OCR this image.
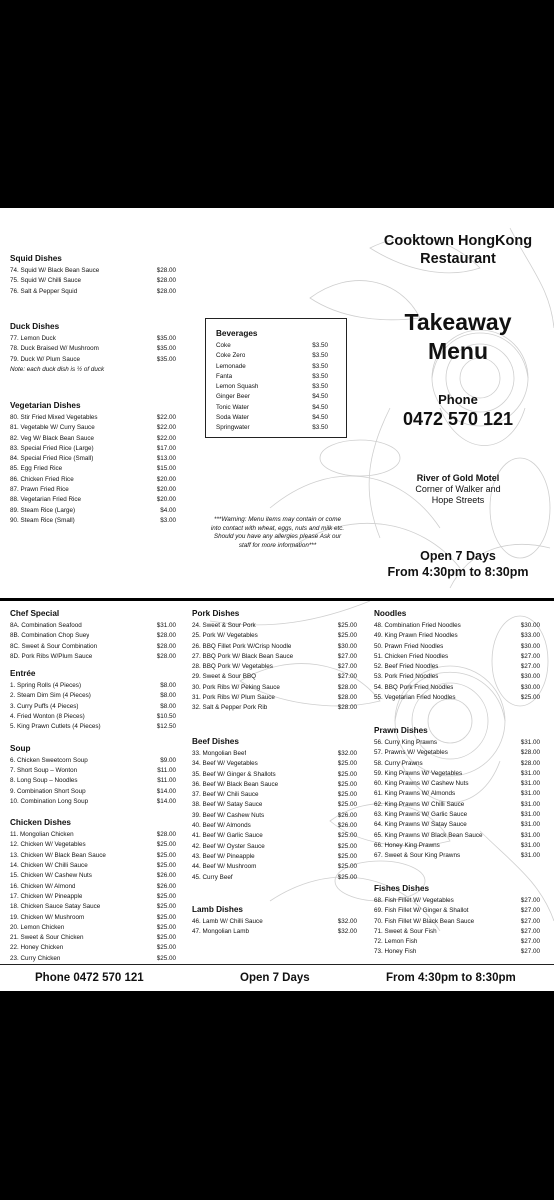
Squid Dishes
74. Squid W/ Black Bean Sauce	$28.00
75. Squid W/ Chilli Sauce	$28.00
76. Salt & Pepper Squid	$28.00
Duck Dishes
77. Lemon Duck	$35.00
78. Duck Braised W/ Mushroom	$35.00
79. Duck W/ Plum Sauce	$35.00
Note: each duck dish is ½ of duck
Vegetarian Dishes
80. Stir Fried Mixed Vegetables	$22.00
81. Vegetable W/ Curry Sauce	$22.00
82. Veg W/ Black Bean Sauce	$22.00
83. Special Fried Rice (Large)	$17.00
84. Special Fried Rice (Small)	$13.00
85. Egg Fried Rice	$15.00
86. Chicken Fried Rice	$20.00
87. Prawn Fried Rice	$20.00
88. Vegetarian Fried Rice	$20.00
89. Steam Rice (Large)	$4.00
90. Steam Rice (Small)	$3.00
Beverages
Coke	$3.50
Coke Zero	$3.50
Lemonade	$3.50
Fanta	$3.50
Lemon Squash	$3.50
Ginger Beer	$4.50
Tonic Water	$4.50
Soda Water	$4.50
Springwater	$3.50
***Warning: Menu items may contain or come into contact with wheat, eggs, nuts and milk etc. Should you have any allergies please Ask our staff for more information***
Cooktown HongKong
Restaurant
Takeaway
Menu
Phone
0472 570 121
River of Gold Motel
Corner of Walker and
Hope Streets
Open 7 Days
From 4:30pm to 8:30pm
Chef Special
8A. Combination Seafood	$31.00
8B. Combination Chop Suey	$28.00
8C. Sweet & Sour Combination	$28.00
8D. Pork Ribs W/Plum Sauce	$28.00
Entrée
1. Spring Rolls (4 Pieces)	$8.00
2. Steam Dim Sim (4 Pieces)	$8.00
3. Curry Puffs (4 Pieces)	$8.00
4. Fried Wonton (8 Pieces)	$10.50
5. King Prawn Cutlets (4 Pieces)	$12.50
Soup
6. Chicken Sweetcorn Soup	$9.00
7. Short Soup – Wonton	$11.00
8. Long Soup – Noodles	$11.00
9. Combination Short Soup	$14.00
10. Combination Long Soup	$14.00
Chicken Dishes
11. Mongolian Chicken	$28.00
12. Chicken W/ Vegetables	$25.00
13. Chicken W/ Black Bean Sauce	$25.00
14. Chicken W/ Chilli Sauce	$25.00
15. Chicken W/ Cashew Nuts	$26.00
16. Chicken W/ Almond	$26.00
17. Chicken W/ Pineapple	$25.00
18. Chicken Sauce Satay Sauce	$25.00
19. Chicken W/ Mushroom	$25.00
20. Lemon Chicken	$25.00
21. Sweet & Sour Chicken	$25.00
22. Honey Chicken	$25.00
23. Curry Chicken	$25.00
Pork Dishes
24. Sweet & Sour Pork	$25.00
25. Pork W/ Vegetables	$25.00
26. BBQ Fillet Pork W/Crisp Noodle	$30.00
27. BBQ Pork W/ Black Bean Sauce	$27.00
28. BBQ Pork W/ Vegetables	$27.00
29. Sweet & Sour BBQ	$27.00
30. Pork Ribs W/ Peking Sauce	$28.00
31. Pork Ribs W/ Plum Sauce	$28.00
32. Salt & Pepper Pork Rib	$28.00
Beef Dishes
33. Mongolian Beef	$32.00
34. Beef W/ Vegetables	$25.00
35. Beef W/ Ginger & Shallots	$25.00
36. Beef W/ Black Bean Sauce	$25.00
37. Beef W/ Chili Sauce	$25.00
38. Beef W/ Satay Sauce	$25.00
39. Beef W/ Cashew Nuts	$26.00
40. Beef W/ Almonds	$26.00
41. Beef W/ Garlic Sauce	$25.00
42. Beef W/ Oyster Sauce	$25.00
43. Beef W/ Pineapple	$25.00
44. Beef W/ Mushroom	$25.00
45. Curry Beef	$25.00
Lamb Dishes
46. Lamb W/ Chilli Sauce	$32.00
47. Mongolian Lamb	$32.00
Noodles
48. Combination Fried Noodles	$30.00
49. King Prawn Fried Noodles	$33.00
50. Prawn Fried Noodles	$30.00
51. Chicken Fried Noodles	$27.00
52. Beef Fried Noodles	$27.00
53. Pork Fried Noodles	$30.00
54. BBQ Pork Fried Noodles	$30.00
55. Vegetarian Fried Noodles	$25.00
Prawn Dishes
56. Curry King Prawns	$31.00
57. Prawns W/ Vegetables	$28.00
58. Curry Prawns	$28.00
59. King Prawns W/ Vegetables	$31.00
60. King Prawns W/ Cashew Nuts	$31.00
61. King Prawns W/ Almonds	$31.00
62. King Prawns W/ Chilli Sauce	$31.00
63. King Prawns W/ Garlic Sauce	$31.00
64. King Prawns W/ Satay Sauce	$31.00
65. King Prawns W/ Black Bean Sauce	$31.00
66. Honey King Prawns	$31.00
67. Sweet & Sour King Prawns	$31.00
Fishes Dishes
68. Fish Fillet W/ Vegetables	$27.00
69. Fish Fillet W/ Ginger & Shallot	$27.00
70. Fish Fillet W/ Black Bean Sauce	$27.00
71. Sweet & Sour Fish	$27.00
72. Lemon Fish	$27.00
73. Honey Fish	$27.00
Phone 0472 570 121	Open 7 Days	From 4:30pm to 8:30pm
